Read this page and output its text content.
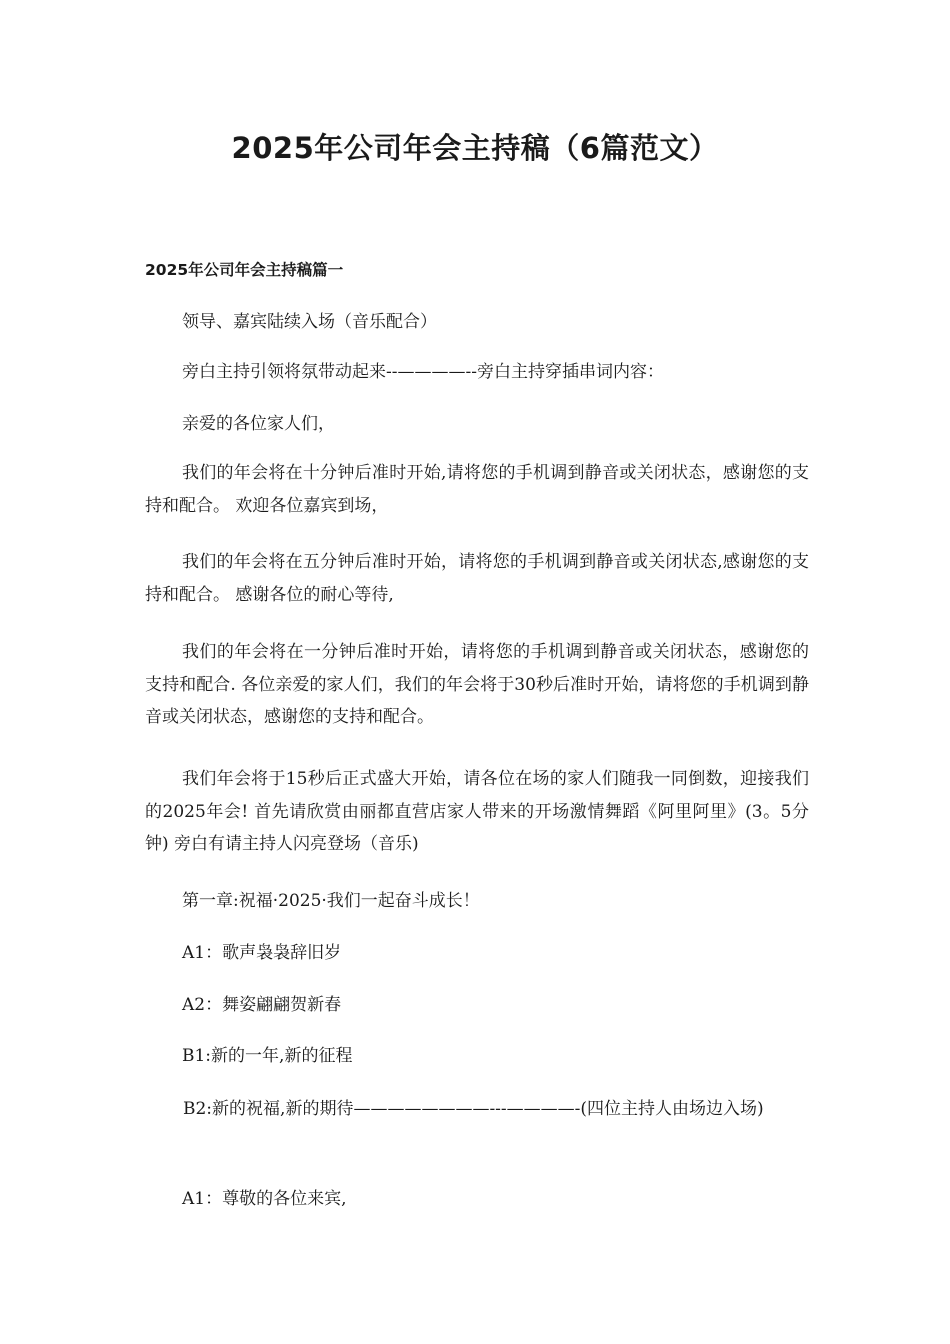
2025年公司年会主持稿（6篇范文）
2025年公司年会主持稿篇一

领导、嘉宾陆续入场（音乐配合）

旁白主持引领将氛带动起来--————--旁白主持穿插串词内容：

亲爱的各位家人们，

我们的年会将在十分钟后准时开始,请将您的手机调到静音或关闭状态，感谢您的支持和配合。 欢迎各位嘉宾到场，

我们的年会将在五分钟后准时开始，请将您的手机调到静音或关闭状态,感谢您的支持和配合。 感谢各位的耐心等待,

我们的年会将在一分钟后准时开始，请将您的手机调到静音或关闭状态，感谢您的支持和配合. 各位亲爱的家人们，我们的年会将于30秒后准时开始，请将您的手机调到静音或关闭状态，感谢您的支持和配合。

我们年会将于15秒后正式盛大开始，请各位在场的家人们随我一同倒数，迎接我们的2025年会! 首先请欣赏由丽都直营店家人带来的开场激情舞蹈《阿里阿里》(3。5分钟) 旁白有请主持人闪亮登场（音乐)

第一章:祝福·2025·我们一起奋斗成长！

A1：歌声袅袅辞旧岁

A2：舞姿翩翩贺新春

B1:新的一年,新的征程

B2:新的祝福,新的期待————————---————-(四位主持人由场边入场)

A1：尊敬的各位来宾,
